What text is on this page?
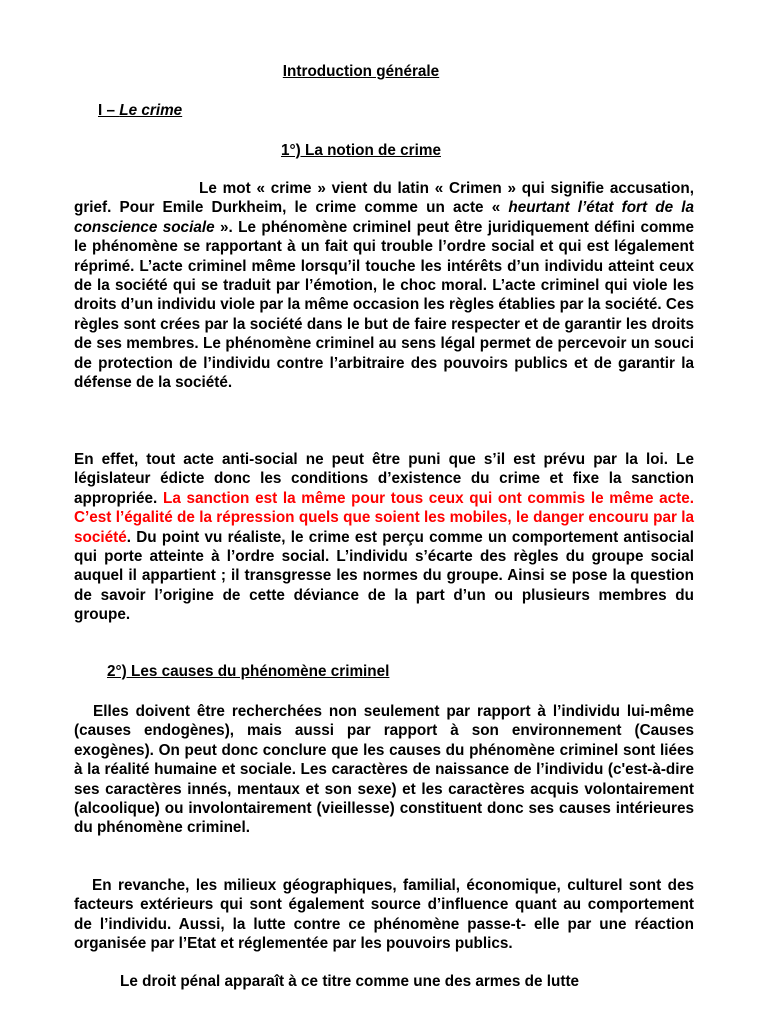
Introduction générale
I – Le crime
1°) La notion de crime

Le mot « crime » vient du latin « Crimen » qui signifie accusation, grief. Pour Emile Durkheim, le crime comme un acte « heurtant l’état fort de la conscience sociale ». Le phénomène criminel peut être juridiquement défini comme le phénomène se rapportant à un fait qui trouble l’ordre social et qui est légalement réprimé. L’acte criminel même lorsqu’il touche les intérêts d’un individu atteint ceux de la société qui se traduit par l’émotion, le choc moral. L’acte criminel qui viole les droits d’un individu viole par la même occasion les règles établies par la société. Ces règles sont crées par la société dans le but de faire respecter et de garantir les droits de ses membres. Le phénomène criminel au sens légal permet de percevoir un souci de protection de l’individu contre l’arbitraire des pouvoirs publics et de garantir la défense de la société.

En effet, tout acte anti-social ne peut être puni que s’il est prévu par la loi. Le législateur édicte donc les conditions d’existence du crime et fixe la sanction appropriée. La sanction est la même pour tous ceux qui ont commis le même acte. C’est l’égalité de la répression quels que soient les mobiles, le danger encouru par la société. Du point vu réaliste, le crime est perçu comme un comportement antisocial qui porte atteinte à l’ordre social. L’individu s’écarte des règles du groupe social auquel il appartient ; il transgresse les normes du groupe. Ainsi se pose la question de savoir l’origine de cette déviance de la part d’un ou plusieurs membres du groupe.

2°) Les causes du phénomène criminel

Elles doivent être recherchées non seulement par rapport à l’individu lui-même (causes endogènes), mais aussi par rapport à son environnement (Causes exogènes). On peut donc conclure que les causes du phénomène criminel sont liées à la réalité humaine et sociale. Les caractères de naissance de l’individu (c'est-à-dire ses caractères innés, mentaux et son sexe) et les caractères acquis volontairement (alcoolique) ou involontairement (vieillesse) constituent donc ses causes intérieures du phénomène criminel.

En revanche, les milieux géographiques, familial, économique, culturel sont des facteurs extérieurs qui sont également source d’influence quant au comportement de l’individu. Aussi, la lutte contre ce phénomène passe-t- elle par une réaction organisée par l’Etat et réglementée par les pouvoirs publics.

Le droit pénal apparaît à ce titre comme une des armes de lutte
